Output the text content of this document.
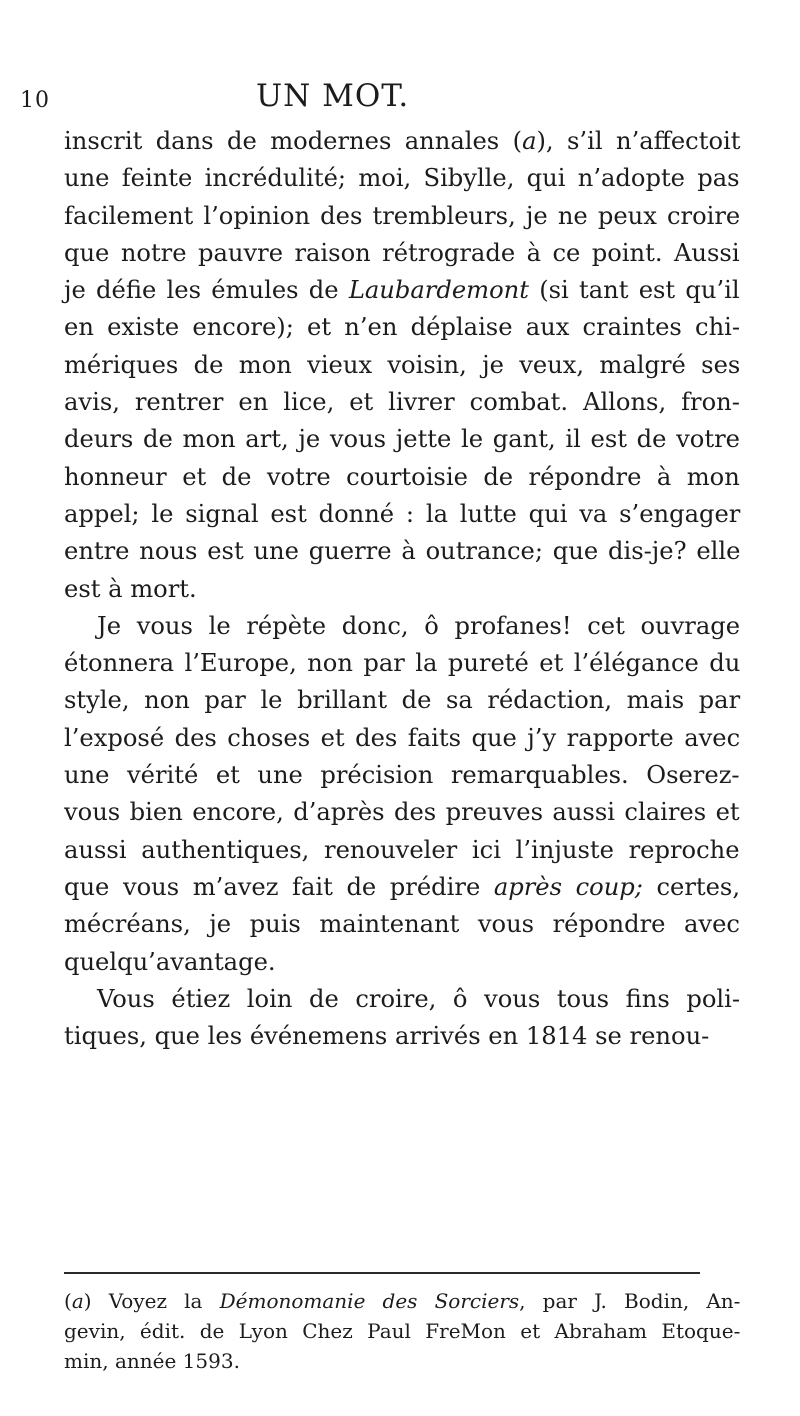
10	UN MOT.
inscrit dans de modernes annales (a), s’il n’affectoit
une feinte incrédulité; moi, Sibylle, qui n’adopte pas
facilement l’opinion des trembleurs, je ne peux croire
que notre pauvre raison rétrograde à ce point. Aussi
je défie les émules de Laubardemont (si tant est qu’il
en existe encore); et n’en déplaise aux craintes chi-
mériques de mon vieux voisin, je veux, malgré ses
avis, rentrer en lice, et livrer combat. Allons, fron-
deurs de mon art, je vous jette le gant, il est de votre
honneur et de votre courtoisie de répondre à mon
appel; le signal est donné : la lutte qui va s’engager
entre nous est une guerre à outrance; que dis-je? elle
est à mort.
Je vous le répète donc, ô profanes! cet ouvrage
étonnera l’Europe, non par la pureté et l’élégance du
style, non par le brillant de sa rédaction, mais par
l’exposé des choses et des faits que j’y rapporte avec
une vérité et une précision remarquables. Oserez-
vous bien encore, d’après des preuves aussi claires et
aussi authentiques, renouveler ici l’injuste reproche
que vous m’avez fait de prédire après coup; certes,
mécréans, je puis maintenant vous répondre avec
quelqu’avantage.
Vous étiez loin de croire, ô vous tous fins poli-
tiques, que les événemens arrivés en 1814 se renou-
(a) Voyez la Démonomanie des Sorciers, par J. Bodin, An-
gevin, édit. de Lyon Chez Paul FreMon et Abraham Etoque-
min, année 1593.
